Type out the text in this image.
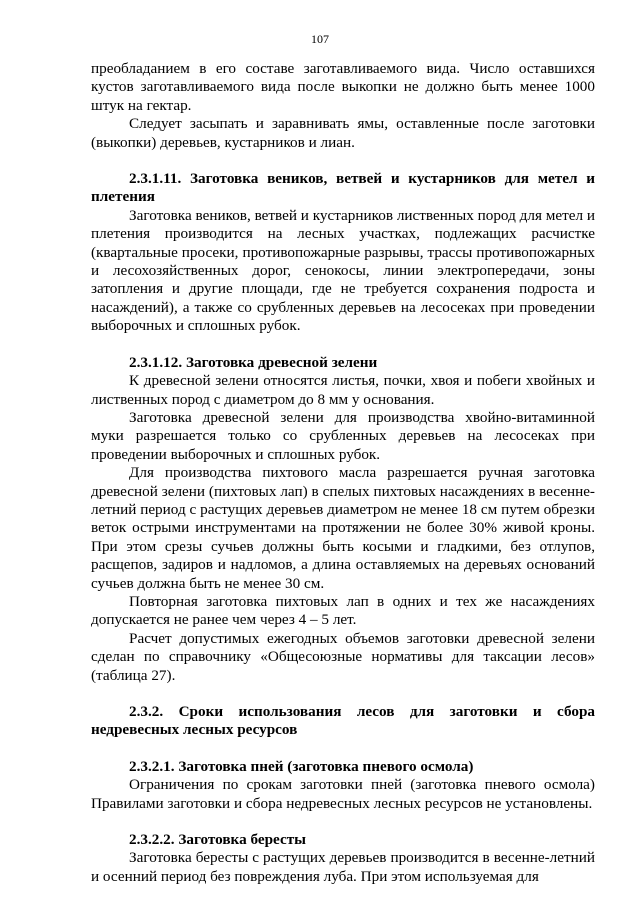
107

преобладанием в его составе заготавливаемого вида. Число оставшихся кустов заготавливаемого вида после выкопки не должно быть менее 1000 штук на гектар.

Следует засыпать и заравнивать ямы, оставленные после заготовки (выкопки) деревьев, кустарников и лиан.

2.3.1.11. Заготовка веников, ветвей и кустарников для метел и плетения

Заготовка веников, ветвей и кустарников лиственных пород для метел и плетения производится на лесных участках, подлежащих расчистке (квартальные просеки, противопожарные разрывы, трассы противопожарных и лесохозяйственных дорог, сенокосы, линии электропередачи, зоны затопления и другие площади, где не требуется сохранения подроста и насаждений), а также со срубленных деревьев на лесосеках при проведении выборочных и сплошных рубок.

2.3.1.12. Заготовка древесной зелени

К древесной зелени относятся листья, почки, хвоя и побеги хвойных и лиственных пород с диаметром до 8 мм у основания.

Заготовка древесной зелени для производства хвойно-витаминной муки разрешается только со срубленных деревьев на лесосеках при проведении выборочных и сплошных рубок.

Для производства пихтового масла разрешается ручная заготовка древесной зелени (пихтовых лап) в спелых пихтовых насаждениях в весенне-летний период с растущих деревьев диаметром не менее 18 см путем обрезки веток острыми инструментами на протяжении не более 30% живой кроны. При этом срезы сучьев должны быть косыми и гладкими, без отлупов, расщепов, задиров и надломов, а длина оставляемых на деревьях оснований сучьев должна быть не менее 30 см.

Повторная заготовка пихтовых лап в одних и тех же насаждениях допускается не ранее чем через 4 – 5 лет.

Расчет допустимых ежегодных объемов заготовки древесной зелени сделан по справочнику «Общесоюзные нормативы для таксации лесов» (таблица 27).

2.3.2. Сроки использования лесов для заготовки и сбора недревесных лесных ресурсов
2.3.2.1. Заготовка пней (заготовка пневого осмола)

Ограничения по срокам заготовки пней (заготовка пневого осмола) Правилами заготовки и сбора недревесных лесных ресурсов не установлены.

2.3.2.2. Заготовка бересты

Заготовка бересты с растущих деревьев производится в весенне-летний и осенний период без повреждения луба. При этом используемая для
